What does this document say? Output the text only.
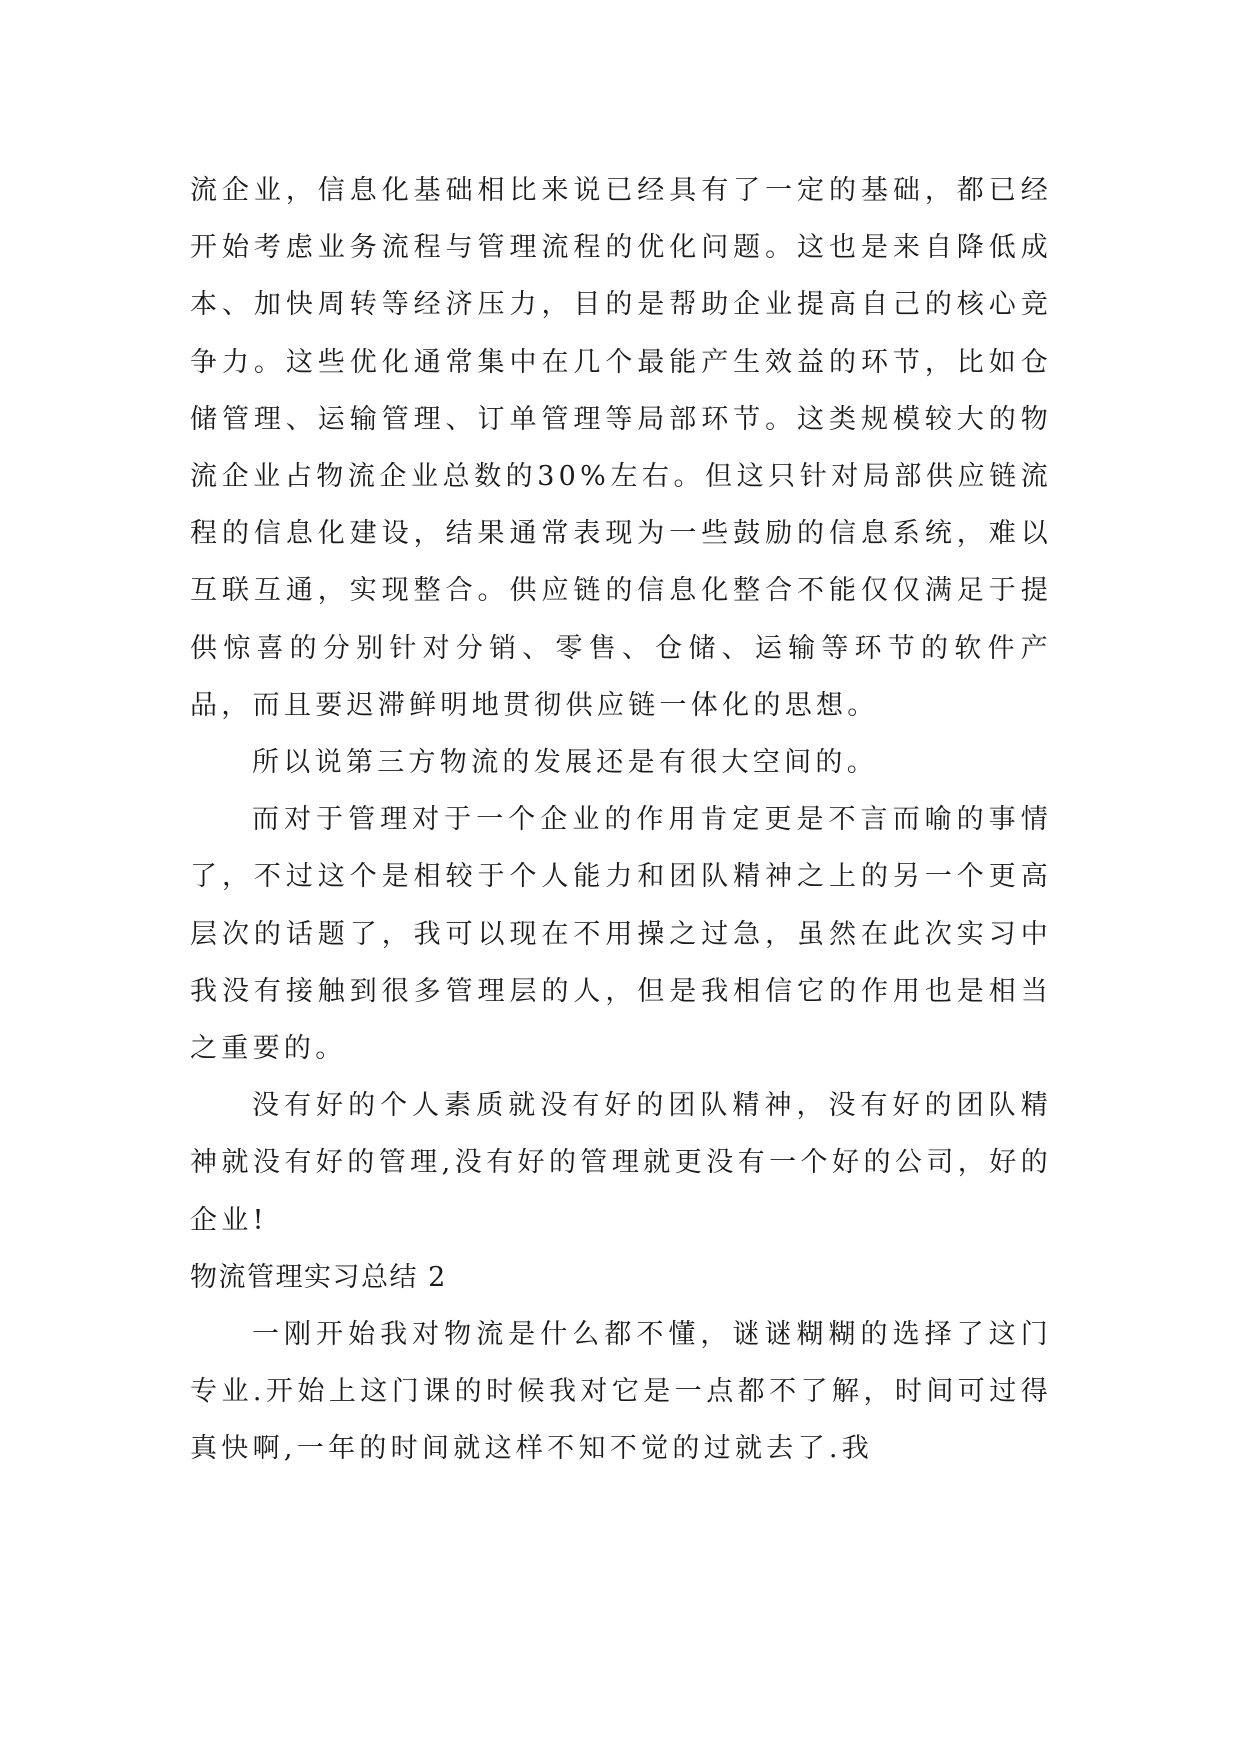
流企业，信息化基础相比来说已经具有了一定的基础，都已经开始考虑业务流程与管理流程的优化问题。这也是来自降低成本、加快周转等经济压力，目的是帮助企业提高自己的核心竞争力。这些优化通常集中在几个最能产生效益的环节，比如仓储管理、运输管理、订单管理等局部环节。这类规模较大的物流企业占物流企业总数的30%左右。但这只针对局部供应链流程的信息化建设，结果通常表现为一些鼓励的信息系统，难以互联互通，实现整合。供应链的信息化整合不能仅仅满足于提供惊喜的分别针对分销、零售、仓储、运输等环节的软件产品，而且要迟滞鲜明地贯彻供应链一体化的思想。

所以说第三方物流的发展还是有很大空间的。

而对于管理对于一个企业的作用肯定更是不言而喻的事情了，不过这个是相较于个人能力和团队精神之上的另一个更高层次的话题了，我可以现在不用操之过急，虽然在此次实习中我没有接触到很多管理层的人，但是我相信它的作用也是相当之重要的。

没有好的个人素质就没有好的团队精神，没有好的团队精神就没有好的管理,没有好的管理就更没有一个好的公司，好的企业!

物流管理实习总结 2

一刚开始我对物流是什么都不懂，谜谜糊糊的选择了这门专业.开始上这门课的时候我对它是一点都不了解，时间可过得真快啊,一年的时间就这样不知不觉的过就去了.我
